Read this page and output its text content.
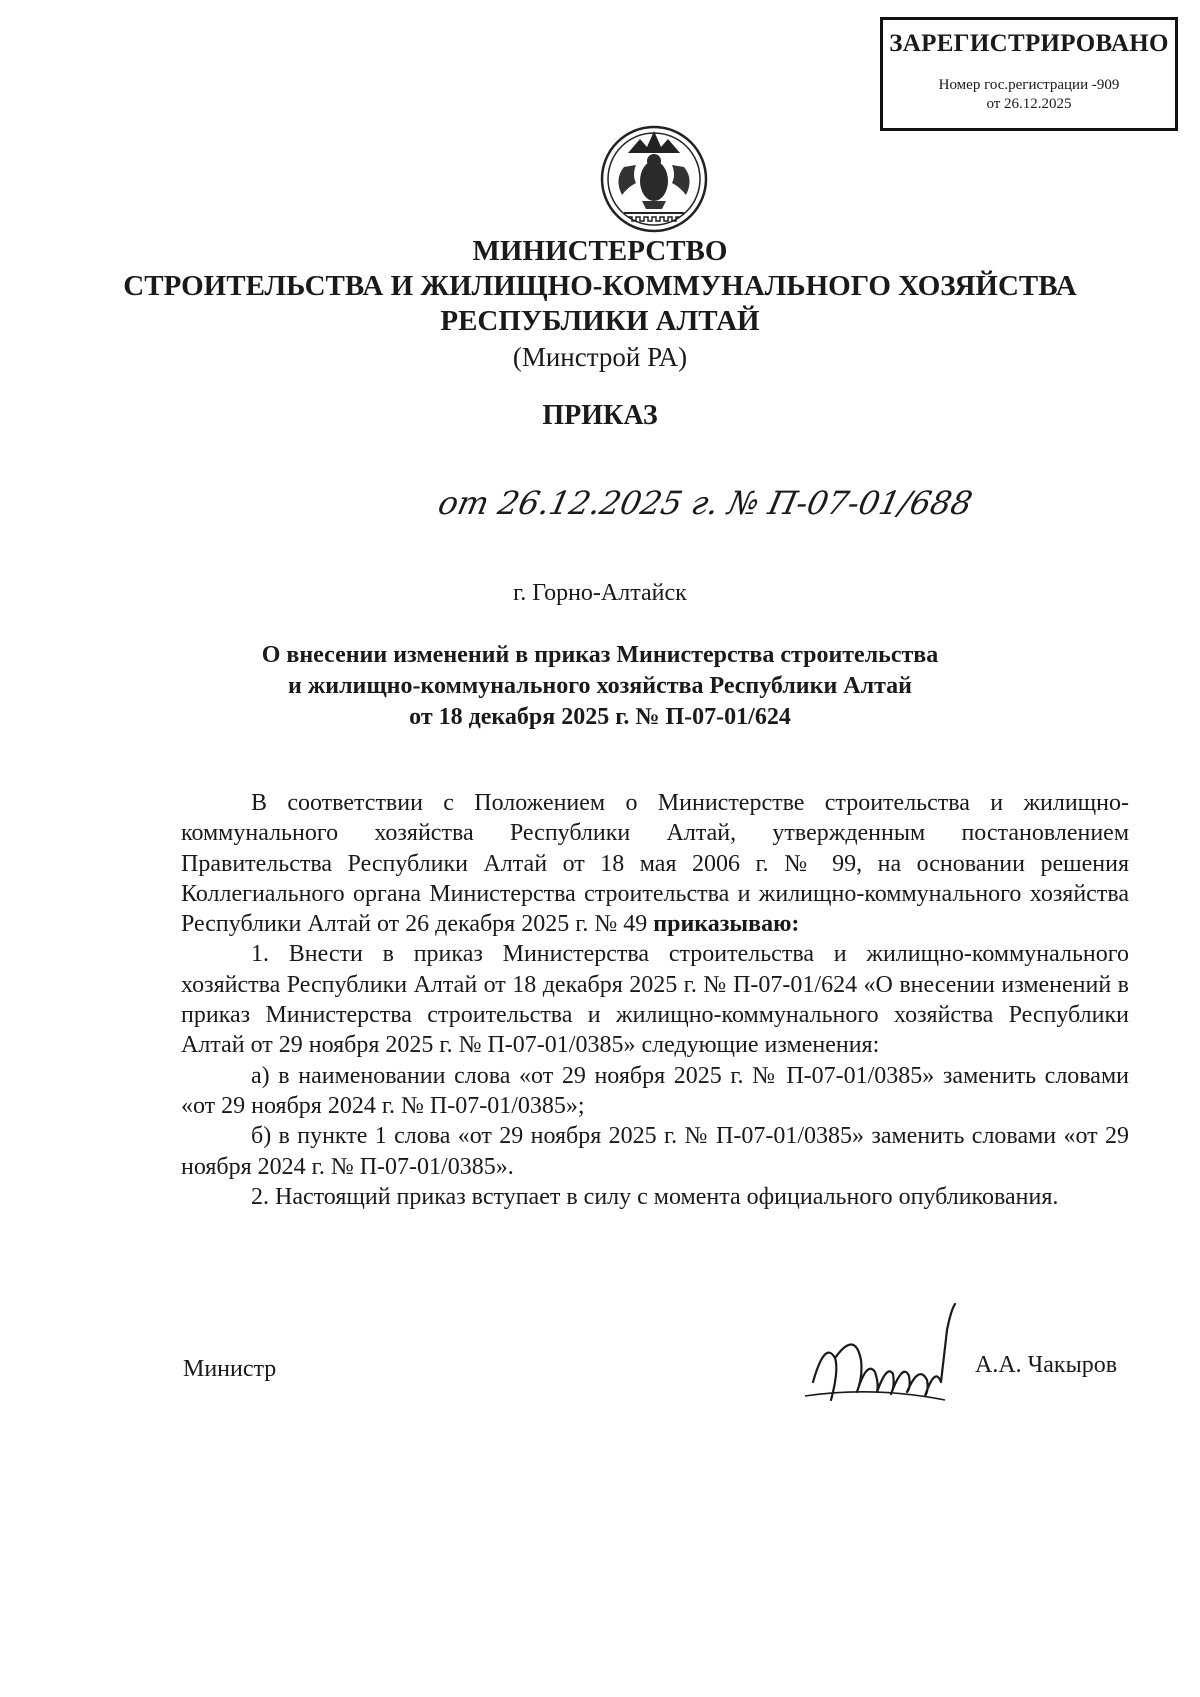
ЗАРЕГИСТРИРОВАНО
Номер гос.регистрации -909
от 26.12.2025
МИНИСТЕРСТВО
СТРОИТЕЛЬСТВА И ЖИЛИЩНО-КОММУНАЛЬНОГО ХОЗЯЙСТВА
РЕСПУБЛИКИ АЛТАЙ
(Минстрой РА)
ПРИКАЗ
от 26.12.2025 г. № П-07-01/688
г. Горно-Алтайск
О внесении изменений в приказ Министерства строительства
и жилищно-коммунального хозяйства Республики Алтай
от 18 декабря 2025 г. № П-07-01/624

В соответствии с Положением о Министерстве строительства и жилищно-коммунального хозяйства Республики Алтай, утвержденным постановлением Правительства Республики Алтай от 18 мая 2006 г. № 99, на основании решения Коллегиального органа Министерства строительства и жилищно-коммунального хозяйства Республики Алтай от 26 декабря 2025 г. № 49 приказываю:

1. Внести в приказ Министерства строительства и жилищно-коммунального хозяйства Республики Алтай от 18 декабря 2025 г. № П-07-01/624 «О внесении изменений в приказ Министерства строительства и жилищно-коммунального хозяйства Республики Алтай от 29 ноября 2025 г. № П-07-01/0385» следующие изменения:

а) в наименовании слова «от 29 ноября 2025 г. № П-07-01/0385» заменить словами «от 29 ноября 2024 г. № П-07-01/0385»;

б) в пункте 1 слова «от 29 ноября 2025 г. № П-07-01/0385» заменить словами «от 29 ноября 2024 г. № П-07-01/0385».

2. Настоящий приказ вступает в силу с момента официального опубликования.

Министр	А.А. Чакыров
